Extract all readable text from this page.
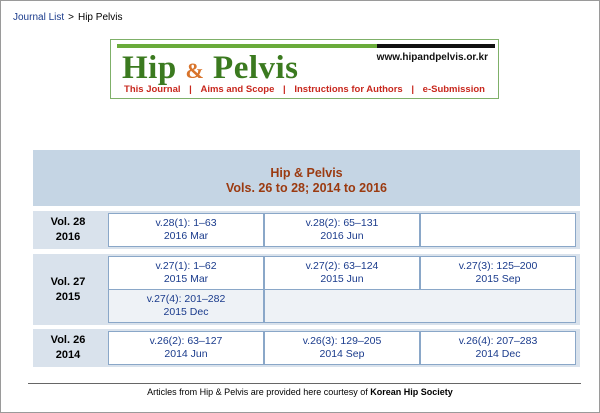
Journal List > Hip Pelvis
Hip & Pelvis	www.hipandpelvis.or.kr
This Journal | Aims and Scope | Instructions for Authors | e-Submission
Hip & Pelvis
Vols. 26 to 28; 2014 to 2016
Vol. 28
2016
v.28(1): 1–63
2016 Mar
v.28(2): 65–131
2016 Jun
Vol. 27
2015
v.27(1): 1–62
2015 Mar
v.27(2): 63–124
2015 Jun
v.27(3): 125–200
2015 Sep
v.27(4): 201–282
2015 Dec
Vol. 26
2014
v.26(2): 63–127
2014 Jun
v.26(3): 129–205
2014 Sep
v.26(4): 207–283
2014 Dec
Articles from Hip & Pelvis are provided here courtesy of Korean Hip Society
